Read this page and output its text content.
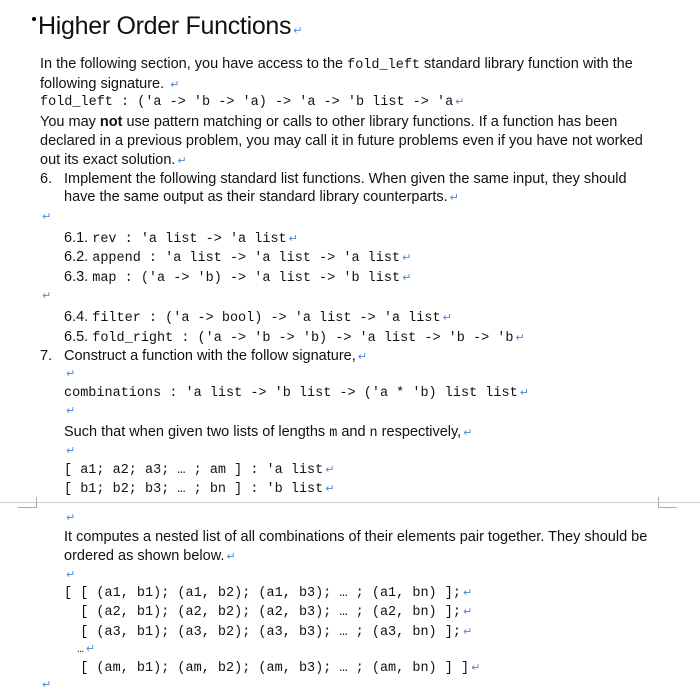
Higher Order Functions ↵
In the following section, you have access to the fold_left standard library function with the
following signature. ↵
fold_left : ('a -> 'b -> 'a) -> 'a -> 'b list -> 'a ↵
You may not use pattern matching or calls to other library functions. If a function has been
declared in a previous problem, you may call it in future problems even if you have not worked
out its exact solution. ↵
6. Implement the following standard list functions. When given the same input, they should
have the same output as their standard library counterparts. ↵
↵
6.1. rev : 'a list -> 'a list ↵
6.2. append : 'a list -> 'a list -> 'a list ↵
6.3. map : ('a -> 'b) -> 'a list -> 'b list ↵
↵
6.4. filter : ('a -> bool) -> 'a list -> 'a list ↵
6.5. fold_right : ('a -> 'b -> 'b) -> 'a list -> 'b -> 'b ↵
7. Construct a function with the follow signature, ↵
↵
combinations : 'a list -> 'b list -> ('a * 'b) list list ↵
↵
Such that when given two lists of lengths m and n respectively, ↵
↵
[ a1; a2; a3; … ; am ] : 'a list ↵
[ b1; b2; b3; … ; bn ] : 'b list ↵
↵
It computes a nested list of all combinations of their elements pair together. They should be
ordered as shown below. ↵
↵
[ [ (a1, b1); (a1, b2); (a1, b3); … ; (a1, bn) ]; ↵
[ (a2, b1); (a2, b2); (a2, b3); … ; (a2, bn) ]; ↵
[ (a3, b1); (a3, b2); (a3, b3); … ; (a3, bn) ]; ↵
… ↵
[ (am, b1); (am, b2); (am, b3); … ; (am, bn) ] ] ↵
↵
